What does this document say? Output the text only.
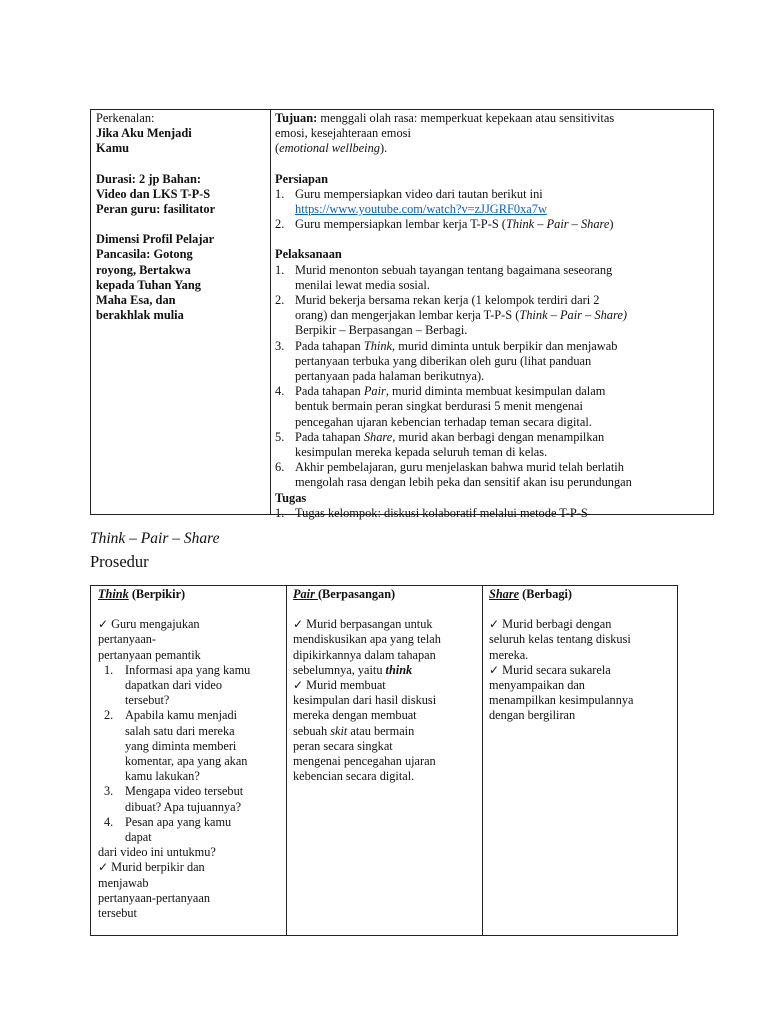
Perkenalan:
Jika Aku Menjadi
Kamu
Durasi: 2 jp Bahan:
Video dan LKS T-P-S
Peran guru: fasilitator
Dimensi Profil Pelajar
Pancasila: Gotong
royong, Bertakwa
kepada Tuhan Yang
Maha Esa, dan
berakhlak mulia
Tujuan: menggali olah rasa: memperkuat kepekaan atau sensitivitas
emosi, kesejahteraan emosi
(emotional wellbeing).
Persiapan
1. Guru mempersiapkan video dari tautan berikut ini
https://www.youtube.com/watch?v=zJJGRF0xa7w
2. Guru mempersiapkan lembar kerja T-P-S (Think – Pair – Share)
Pelaksanaan
1. Murid menonton sebuah tayangan tentang bagaimana seseorang
menilai lewat media sosial.
2. Murid bekerja bersama rekan kerja (1 kelompok terdiri dari 2
orang) dan mengerjakan lembar kerja T-P-S (Think – Pair – Share)
Berpikir – Berpasangan – Berbagi.
3. Pada tahapan Think, murid diminta untuk berpikir dan menjawab
pertanyaan terbuka yang diberikan oleh guru (lihat panduan
pertanyaan pada halaman berikutnya).
4. Pada tahapan Pair, murid diminta membuat kesimpulan dalam
bentuk bermain peran singkat berdurasi 5 menit mengenai
pencegahan ujaran kebencian terhadap teman secara digital.
5. Pada tahapan Share, murid akan berbagi dengan menampilkan
kesimpulan mereka kepada seluruh teman di kelas.
6. Akhir pembelajaran, guru menjelaskan bahwa murid telah berlatih
mengolah rasa dengan lebih peka dan sensitif akan isu perundungan
Tugas
1. Tugas kelompok: diskusi kolaboratif melalui metode T-P-S
Think – Pair – Share
Prosedur
Think (Berpikir)
✓ Guru mengajukan
pertanyaan-
pertanyaan pemantik
1. Informasi apa yang kamu
dapatkan dari video
tersebut?
2. Apabila kamu menjadi
salah satu dari mereka
yang diminta memberi
komentar, apa yang akan
kamu lakukan?
3. Mengapa video tersebut
dibuat? Apa tujuannya?
4. Pesan apa yang kamu
dapat
dari video ini untukmu?
✓ Murid berpikir dan
menjawab
pertanyaan-pertanyaan
tersebut
Pair (Berpasangan)
✓ Murid berpasangan untuk
mendiskusikan apa yang telah
dipikirkannya dalam tahapan
sebelumnya, yaitu think
✓ Murid membuat
kesimpulan dari hasil diskusi
mereka dengan membuat
sebuah skit atau bermain
peran secara singkat
mengenai pencegahan ujaran
kebencian secara digital.
Share (Berbagi)
✓ Murid berbagi dengan
seluruh kelas tentang diskusi
mereka.
✓ Murid secara sukarela
menyampaikan dan
menampilkan kesimpulannya
dengan bergiliran
